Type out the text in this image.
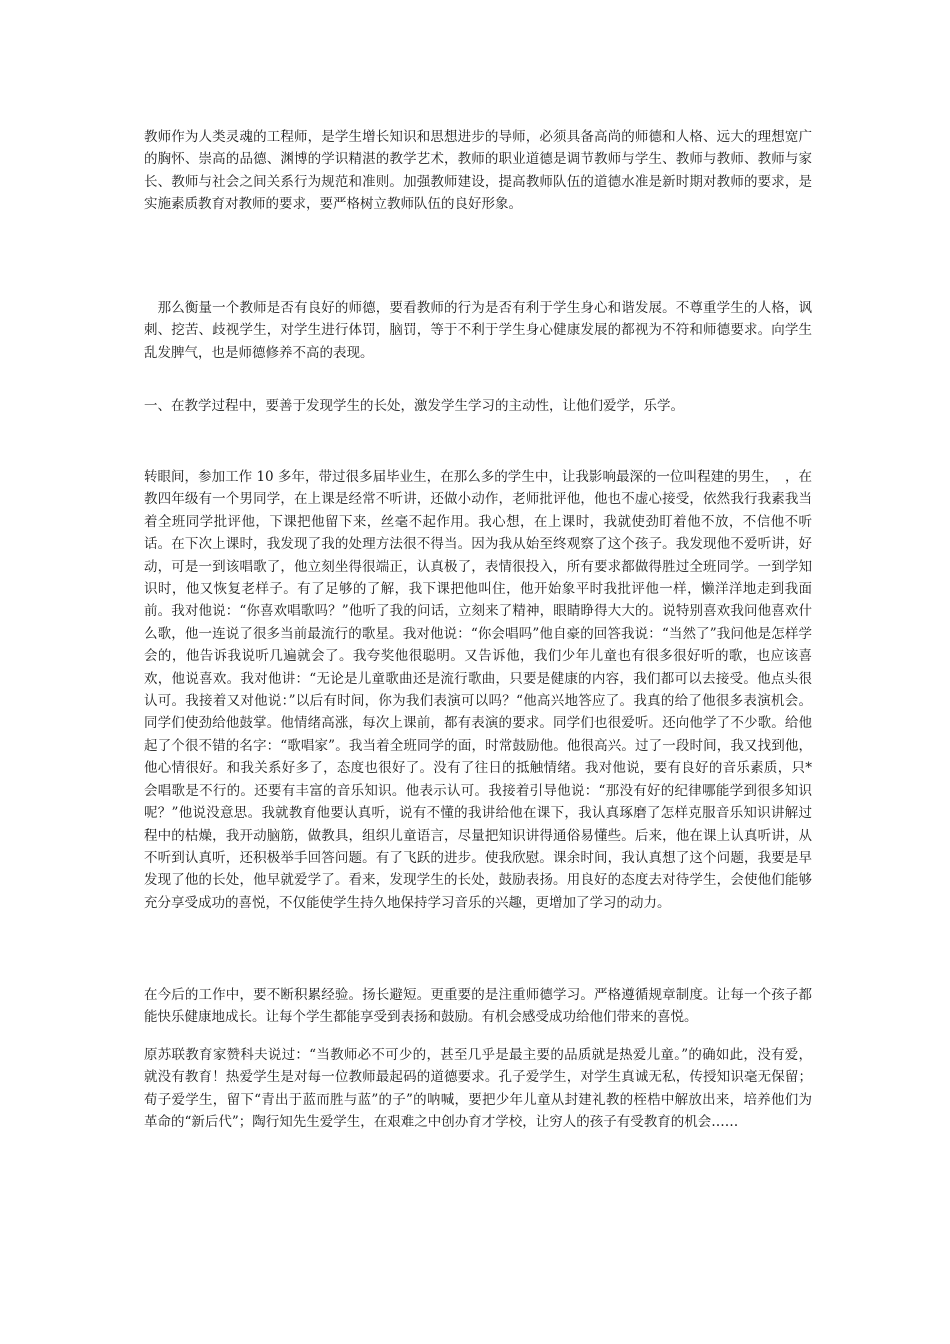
教师作为人类灵魂的工程师，是学生增长知识和思想进步的导师，必须具备高尚的师德和人格、远大的理想宽广的胸怀、崇高的品德、渊博的学识精湛的教学艺术，教师的职业道德是调节教师与学生、教师与教师、教师与家长、教师与社会之间关系行为规范和准则。加强教师建设，提高教师队伍的道德水准是新时期对教师的要求，是实施素质教育对教师的要求，要严格树立教师队伍的良好形象。

　那么衡量一个教师是否有良好的师德，要看教师的行为是否有利于学生身心和谐发展。不尊重学生的人格，讽刺、挖苦、歧视学生，对学生进行体罚，脑罚，等于不利于学生身心健康发展的都视为不符和师德要求。向学生乱发脾气，也是师德修养不高的表现。

一、在教学过程中，要善于发现学生的长处，激发学生学习的主动性，让他们爱学，乐学。

转眼间，参加工作 10 多年，带过很多届毕业生，在那么多的学生中，让我影响最深的一位叫程建的男生，　，在教四年级有一个男同学，在上课是经常不听讲，还做小动作，老师批评他，他也不虚心接受，依然我行我素我当着全班同学批评他，下课把他留下来，丝毫不起作用。我心想，在上课时，我就使劲盯着他不放，不信他不听话。在下次上课时，我发现了我的处理方法很不得当。因为我从始至终观察了这个孩子。我发现他不爱听讲，好动，可是一到该唱歌了，他立刻坐得很端正，认真极了，表情很投入，所有要求都做得胜过全班同学。一到学知识时，他又恢复老样子。有了足够的了解，我下课把他叫住，他开始象平时我批评他一样，懒洋洋地走到我面前。我对他说：“你喜欢唱歌吗？”他听了我的问话，立刻来了精神，眼睛睁得大大的。说特别喜欢我问他喜欢什么歌，他一连说了很多当前最流行的歌星。我对他说：“你会唱吗”他自豪的回答我说：“当然了”我问他是怎样学会的，他告诉我说听几遍就会了。我夸奖他很聪明。又告诉他，我们少年儿童也有很多很好听的歌，也应该喜欢，他说喜欢。我对他讲：“无论是儿童歌曲还是流行歌曲，只要是健康的内容，我们都可以去接受。他点头很认可。我接着又对他说：”以后有时间，你为我们表演可以吗？“他高兴地答应了。我真的给了他很多表演机会。同学们使劲给他鼓掌。他情绪高涨，每次上课前，都有表演的要求。同学们也很爱听。还向他学了不少歌。给他起了个很不错的名字：“歌唱家”。我当着全班同学的面，时常鼓励他。他很高兴。过了一段时间，我又找到他，他心情很好。和我关系好多了，态度也很好了。没有了往日的抵触情绪。我对他说，要有良好的音乐素质，只*会唱歌是不行的。还要有丰富的音乐知识。他表示认可。我接着引导他说：“那没有好的纪律哪能学到很多知识呢？”他说没意思。我就教育他要认真听，说有不懂的我讲给他在课下，我认真琢磨了怎样克服音乐知识讲解过程中的枯燥，我开动脑筋，做教具，组织儿童语言，尽量把知识讲得通俗易懂些。后来，他在课上认真听讲，从不听到认真听，还积极举手回答问题。有了飞跃的进步。使我欣慰。课余时间，我认真想了这个问题，我要是早发现了他的长处，他早就爱学了。看来，发现学生的长处，鼓励表扬。用良好的态度去对待学生，会使他们能够充分享受成功的喜悦，不仅能使学生持久地保持学习音乐的兴趣，更增加了学习的动力。

在今后的工作中，要不断积累经验。扬长避短。更重要的是注重师德学习。严格遵循规章制度。让每一个孩子都能快乐健康地成长。让每个学生都能享受到表扬和鼓励。有机会感受成功给他们带来的喜悦。

原苏联教育家赞科夫说过：“当教师必不可少的，甚至几乎是最主要的品质就是热爱儿童。”的确如此，没有爱，就没有教育！热爱学生是对每一位教师最起码的道德要求。孔子爱学生，对学生真诚无私，传授知识毫无保留；荀子爱学生，留下“青出于蓝而胜与蓝”的子”的呐喊，要把少年儿童从封建礼教的桎梏中解放出来，培养他们为革命的“新后代”；陶行知先生爱学生，在艰难之中创办育才学校，让穷人的孩子有受教育的机会……
